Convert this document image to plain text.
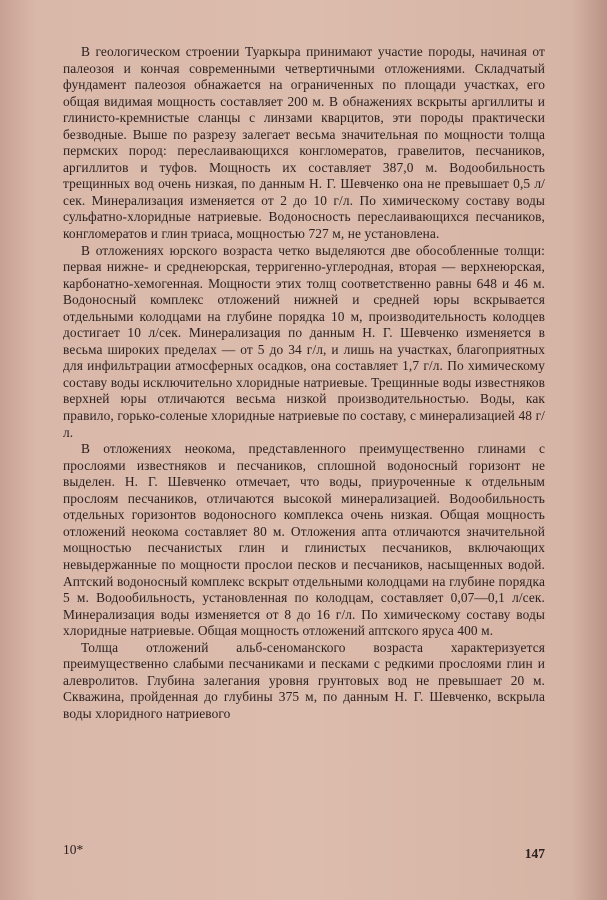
В геологическом строении Туаркыра принимают участие породы, начиная от палеозоя и кончая современными четвертичными отложениями. Складчатый фундамент палеозоя обнажается на ограниченных по площади участках, его общая видимая мощность составляет 200 м. В обнажениях вскрыты аргиллиты и глинисто-кремнистые сланцы с линзами кварцитов, эти породы практически безводные. Выше по разрезу залегает весьма значительная по мощности толща пермских пород: переслаивающихся конгломератов, гравелитов, песчаников, аргиллитов и туфов. Мощность их составляет 387,0 м. Водообильность трещинных вод очень низкая, по данным Н. Г. Шевченко она не превышает 0,5 л/сек. Минерализация изменяется от 2 до 10 г/л. По химическому составу воды сульфатно-хлоридные натриевые. Водоносность переслаивающихся песчаников, конгломератов и глин триаса, мощностью 727 м, не установлена.

В отложениях юрского возраста четко выделяются две обособленные толщи: первая нижне- и среднеюрская, терригенно-углеродная, вторая — верхнеюрская, карбонатно-хемогенная. Мощности этих толщ соответственно равны 648 и 46 м. Водоносный комплекс отложений нижней и средней юры вскрывается отдельными колодцами на глубине порядка 10 м, производительность колодцев достигает 10 л/сек. Минерализация по данным Н. Г. Шевченко изменяется в весьма широких пределах — от 5 до 34 г/л, и лишь на участках, благоприятных для инфильтрации атмосферных осадков, она составляет 1,7 г/л. По химическому составу воды исключительно хлоридные натриевые. Трещинные воды известняков верхней юры отличаются весьма низкой производительностью. Воды, как правило, горько-соленые хлоридные натриевые по составу, с минерализацией 48 г/л.

В отложениях неокома, представленного преимущественно глинами с прослоями известняков и песчаников, сплошной водоносный горизонт не выделен. Н. Г. Шевченко отмечает, что воды, приуроченные к отдельным прослоям песчаников, отличаются высокой минерализацией. Водообильность отдельных горизонтов водоносного комплекса очень низкая. Общая мощность отложений неокома составляет 80 м. Отложения апта отличаются значительной мощностью песчанистых глин и глинистых песчаников, включающих невыдержанные по мощности прослои песков и песчаников, насыщенных водой. Аптский водоносный комплекс вскрыт отдельными колодцами на глубине порядка 5 м. Водообильность, установленная по колодцам, составляет 0,07—0,1 л/сек. Минерализация воды изменяется от 8 до 16 г/л. По химическому составу воды хлоридные натриевые. Общая мощность отложений аптского яруса 400 м.

Толща отложений альб-сеноманского возраста характеризуется преимущественно слабыми песчаниками и песками с редкими прослоями глин и алевролитов. Глубина залегания уровня грунтовых вод не превышает 20 м. Скважина, пройденная до глубины 375 м, по данным Н. Г. Шевченко, вскрыла воды хлоридного натриевого

10*	147
